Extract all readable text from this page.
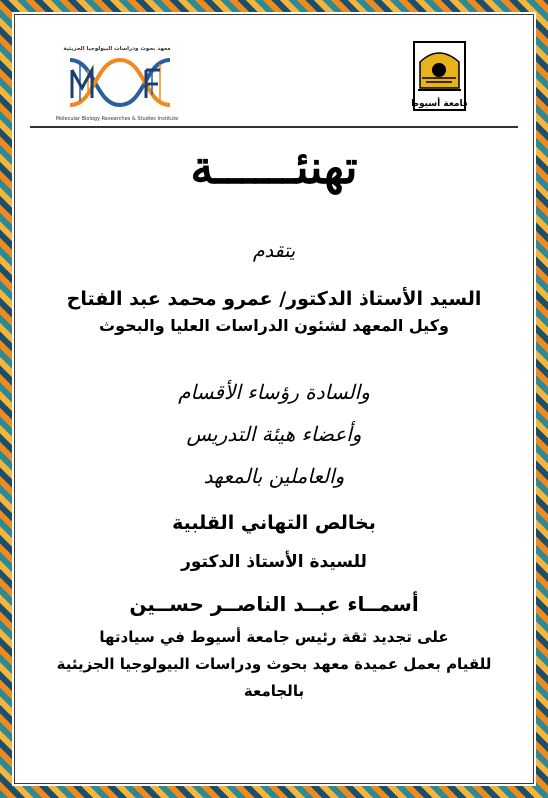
معهد بحوث ودراسات البيولوجيا الجزيئية
Molecular Biology Researches & Studies Institute
جامعة أسيوط
تهنئــــــة
يتقدم
السيد الأستاذ الدكتور/ عمرو محمد عبد الفتاح
وكيل المعهد لشئون الدراسات العليا والبحوث
والسادة رؤساء الأقسام
وأعضاء هيئة التدريس
والعاملين بالمعهد
بخالص التهاني القلبية
للسيدة الأستاذ الدكتور
أسمــاء عبــد الناصــر حســين
على تجديد ثقة رئيس جامعة أسيوط في سيادتها
للقيام بعمل عميدة معهد بحوث ودراسات البيولوجيا الجزيئية
بالجامعة
